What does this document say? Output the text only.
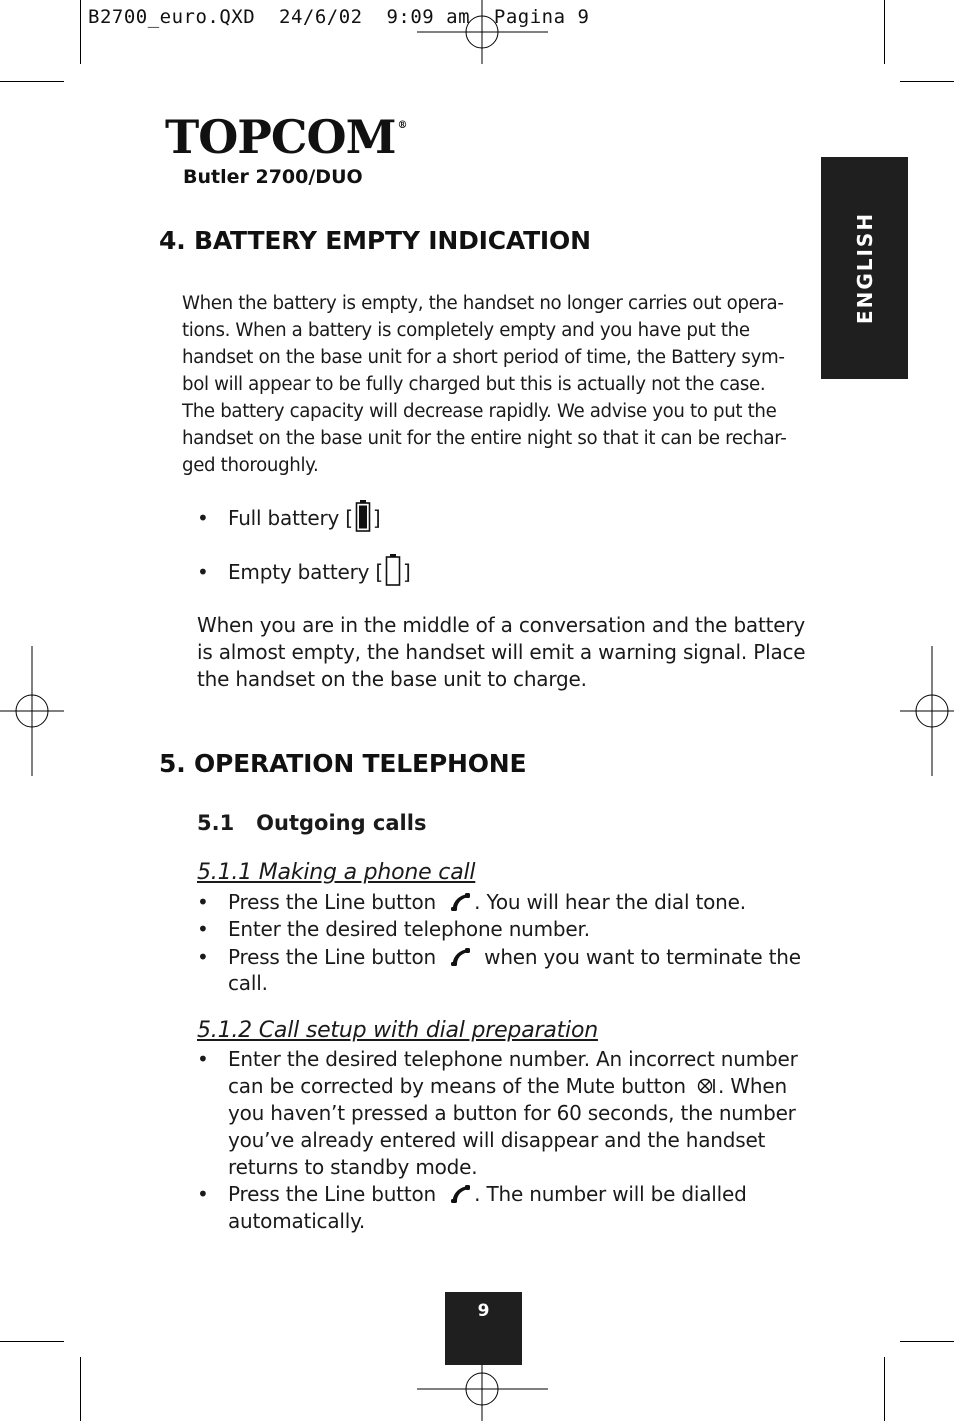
B2700_euro.QXD  24/6/02  9:09 am  Pagina 9
TOPCOM ®
Butler 2700/DUO
ENGLISH
4. BATTERY EMPTY INDICATION
When the battery is empty, the handset no longer carries out opera-
tions. When a battery is completely empty and you have put the
handset on the base unit for a short period of time, the Battery sym-
bol will appear to be fully charged but this is actually not the case.
The battery capacity will decrease rapidly. We advise you to put the
handset on the base unit for the entire night so that it can be rechar-
ged thoroughly.
• Full battery [ ]
• Empty battery [ ]
When you are in the middle of a conversation and the battery
is almost empty, the handset will emit a warning signal. Place
the handset on the base unit to charge.
5. OPERATION TELEPHONE
5.1 Outgoing calls
5.1.1 Making a phone call
• Press the Line button . You will hear the dial tone.
• Enter the desired telephone number.
• Press the Line button when you want to terminate the
call.
5.1.2 Call setup with dial preparation
• Enter the desired telephone number. An incorrect number
can be corrected by means of the Mute button . When
you haven’t pressed a button for 60 seconds, the number
you’ve already entered will disappear and the handset
returns to standby mode.
• Press the Line button . The number will be dialled
automatically.
9
